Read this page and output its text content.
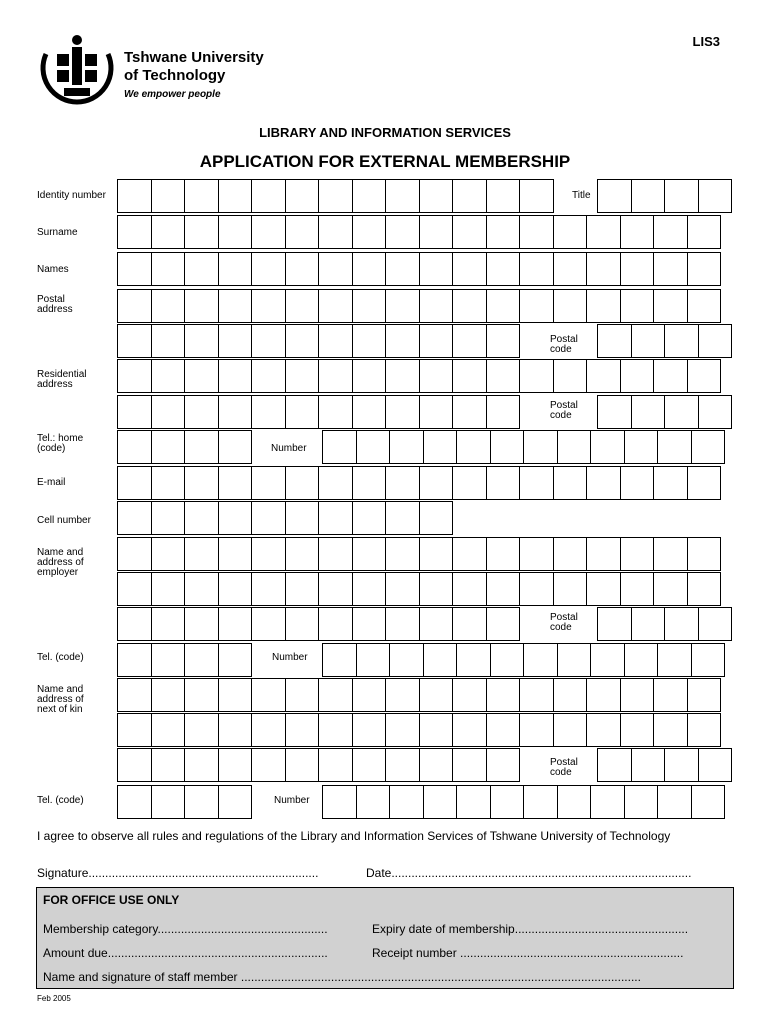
LIS3
Tshwane University
of Technology
We empower people
LIBRARY AND INFORMATION SERVICES
APPLICATION FOR EXTERNAL MEMBERSHIP
Identity number	Title
Surname
Names
Postal
address
Postal
code
Residential
address
Postal
code
Tel.: home
(code)	Number
E-mail
Cell number
Name and
address of
employer
Postal
code
Tel. (code)	Number
Name and
address of
next of kin
Postal
code
Tel. (code)	Number
I agree to observe all rules and regulations of the Library and Information Services of Tshwane University of Technology
Signature.....................................................................	Date..........................................................................................
FOR OFFICE USE ONLY
Membership category...................................................	Expiry date of membership....................................................
Amount due..................................................................	Receipt number ...................................................................
Name and signature of staff member ........................................................................................................................
Feb 2005
